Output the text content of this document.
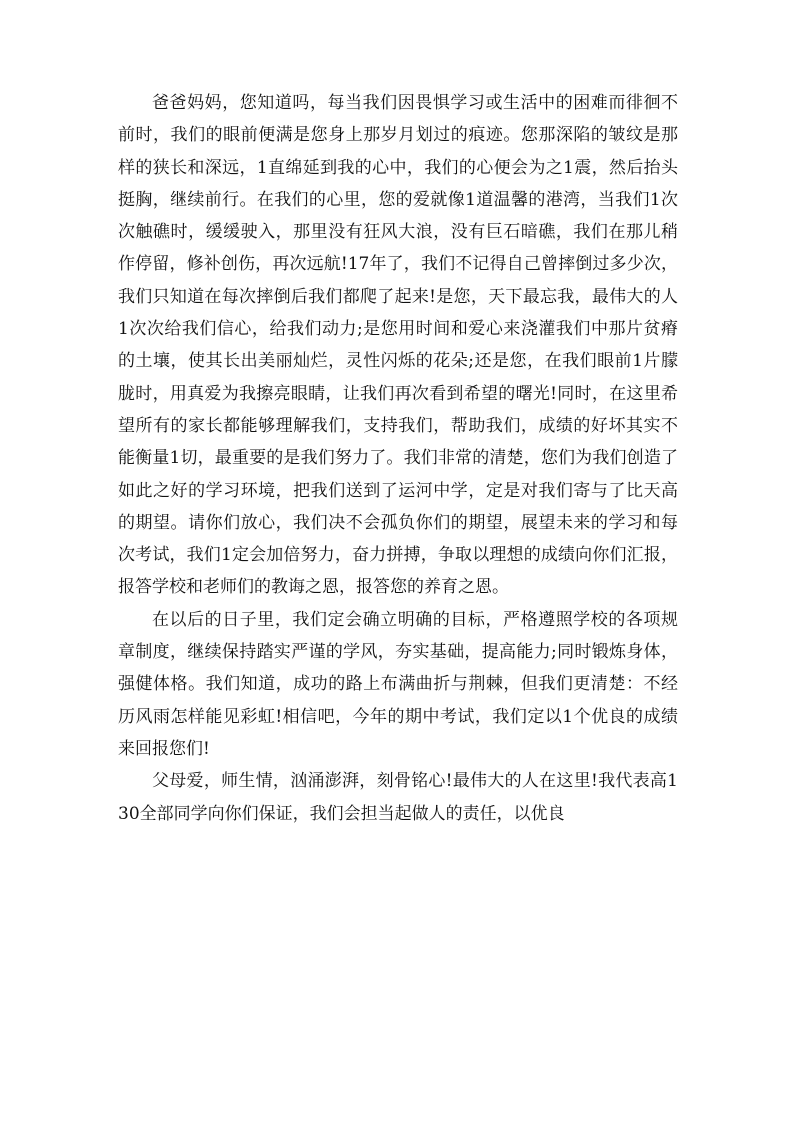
爸爸妈妈，您知道吗，每当我们因畏惧学习或生活中的困难而徘徊不前时，我们的眼前便满是您身上那岁月划过的痕迹。您那深陷的皱纹是那样的狭长和深远，1直绵延到我的心中，我们的心便会为之1震，然后抬头挺胸，继续前行。在我们的心里，您的爱就像1道温馨的港湾，当我们1次次触礁时，缓缓驶入，那里没有狂风大浪，没有巨石暗礁，我们在那儿稍作停留，修补创伤，再次远航!17年了，我们不记得自己曾摔倒过多少次，我们只知道在每次摔倒后我们都爬了起来!是您，天下最忘我，最伟大的人1次次给我们信心，给我们动力;是您用时间和爱心来浇灌我们中那片贫瘠的土壤，使其长出美丽灿烂，灵性闪烁的花朵;还是您，在我们眼前1片朦胧时，用真爱为我擦亮眼睛，让我们再次看到希望的曙光!同时，在这里希望所有的家长都能够理解我们，支持我们，帮助我们，成绩的好坏其实不能衡量1切，最重要的是我们努力了。我们非常的清楚，您们为我们创造了如此之好的学习环境，把我们送到了运河中学，定是对我们寄与了比天高的期望。请你们放心，我们决不会孤负你们的期望，展望未来的学习和每次考试，我们1定会加倍努力，奋力拼搏，争取以理想的成绩向你们汇报，报答学校和老师们的教诲之恩，报答您的养育之恩。

在以后的日子里，我们定会确立明确的目标，严格遵照学校的各项规章制度，继续保持踏实严谨的学风，夯实基础，提高能力;同时锻炼身体，强健体格。我们知道，成功的路上布满曲折与荆棘，但我们更清楚：不经历风雨怎样能见彩虹!相信吧，今年的期中考试，我们定以1个优良的成绩来回报您们!

父母爱，师生情，汹涌澎湃，刻骨铭心!最伟大的人在这里!我代表高130全部同学向你们保证，我们会担当起做人的责任，以优良
